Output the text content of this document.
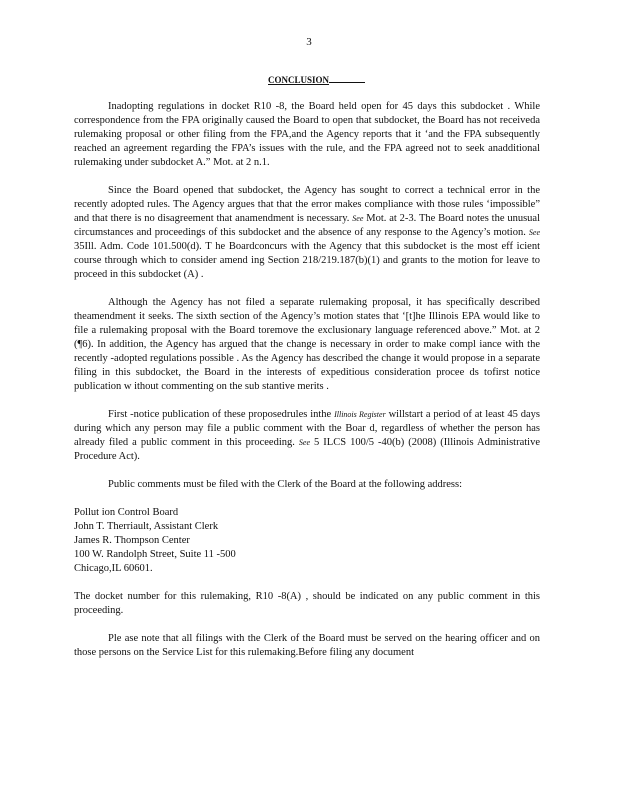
3
CONCLUSION

Inadopting regulations in docket R10 -8, the Board held open for 45 days this subdocket . While correspondence from the FPA originally caused the Board to open that subdocket, the Board has not receiveda rulemaking proposal or other filing from the FPA,and the Agency reports that it ‘and the FPA subsequently reached an agreement regarding the FPA’s issues with the rule, and the FPA agreed not to seek anadditional rulemaking under subdocket A.” Mot. at 2 n.1.

Since the Board opened that subdocket, the Agency has sought to correct a technical error in the recently adopted rules. The Agency argues that that the error makes compliance with those rules ‘impossible” and that there is no disagreement that anamendment is necessary. See Mot. at 2-3. The Board notes the unusual circumstances and proceedings of this subdocket and the absence of any response to the Agency’s motion. See 35Ill. Adm. Code 101.500(d). T he Boardconcurs with the Agency that this subdocket is the most eff icient course through which to consider amend ing Section 218/219.187(b)(1) and grants to the motion for leave to proceed in this subdocket (A) .

Although the Agency has not filed a separate rulemaking proposal, it has specifically described theamendment it seeks. The sixth section of the Agency’s motion states that ‘[t]he Illinois EPA would like to file a rulemaking proposal with the Board toremove the exclusionary language referenced above.” Mot. at 2 (¶6). In addition, the Agency has argued that the change is necessary in order to make compl iance with the recently -adopted regulations possible . As the Agency has described the change it would propose in a separate filing in this subdocket, the Board in the interests of expeditious consideration procee ds tofirst notice publication w ithout commenting on the sub stantive merits .

First -notice publication of these proposedrules inthe Illinois Register willstart a period of at least 45 days during which any person may file a public comment with the Boar d, regardless of whether the person has already filed a public comment in this proceeding. See 5 ILCS 100/5 -40(b) (2008) (Illinois Administrative Procedure Act).

Public comments must be filed with the Clerk of the Board at the following address:

Pollut ion Control Board
John T. Therriault, Assistant Clerk
James R. Thompson Center
100 W. Randolph Street, Suite 11 -500
Chicago,IL 60601.

The docket number for this rulemaking, R10 -8(A) , should be indicated on any public comment in this proceeding.

Ple ase note that all filings with the Clerk of the Board must be served on the hearing officer and on those persons on the Service List for this rulemaking.Before filing any document
